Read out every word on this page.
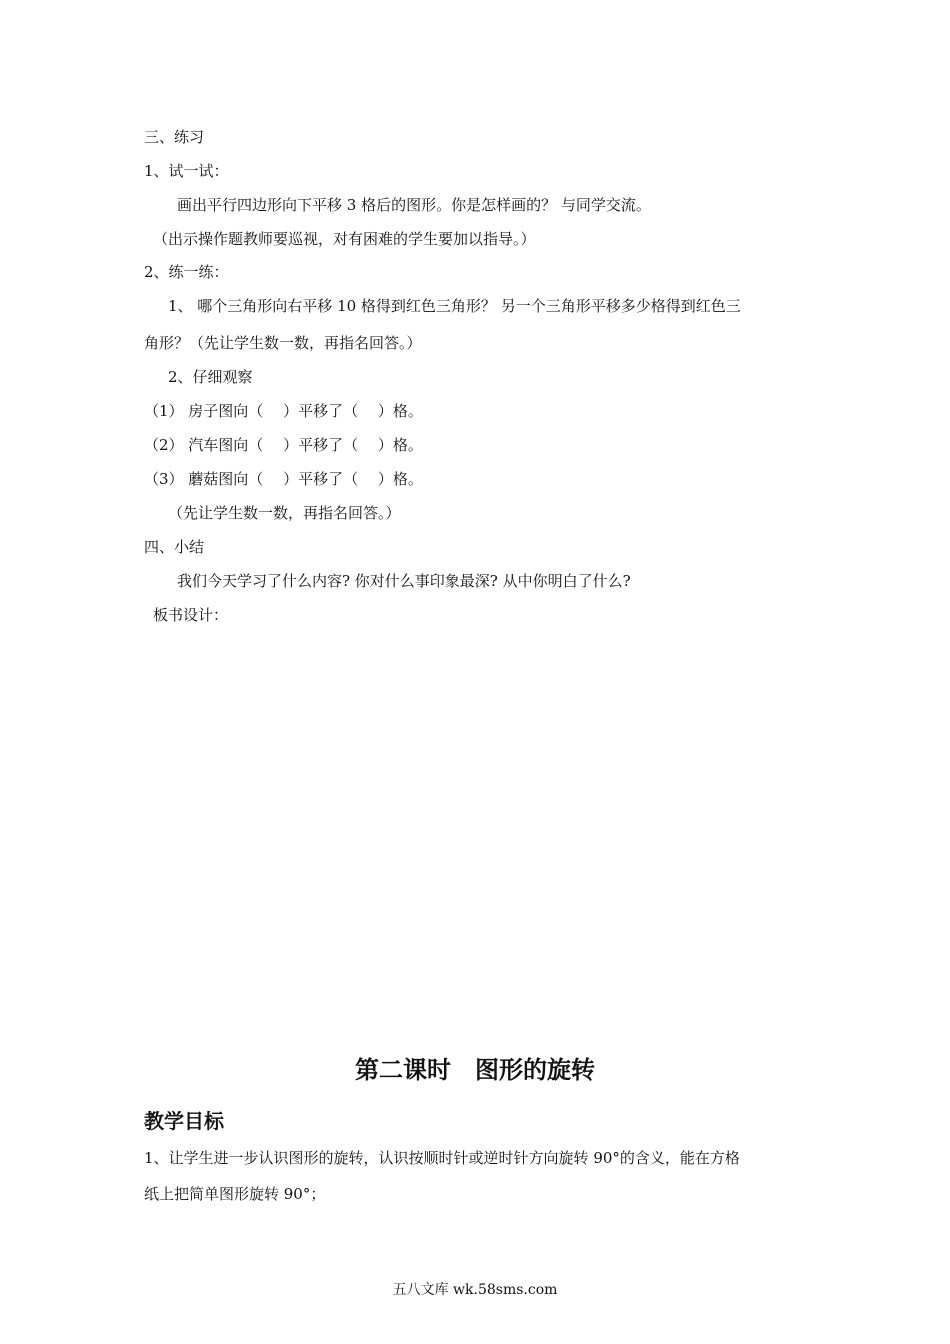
三、练习
1、试一试：
画出平行四边形向下平移 3 格后的图形。你是怎样画的？ 与同学交流。
（出示操作题教师要巡视，对有困难的学生要加以指导。）
2、练一练：
1、 哪个三角形向右平移 10 格得到红色三角形？ 另一个三角形平移多少格得到红色三
角形？（先让学生数一数，再指名回答。）
2、仔细观察
（1） 房子图向（　 ）平移了（　 ）格。
（2） 汽车图向（　 ）平移了（　 ）格。
（3） 蘑菇图向（　 ）平移了（　 ）格。
（先让学生数一数，再指名回答。）
四、小结
我们今天学习了什么内容? 你对什么事印象最深? 从中你明白了什么?
板书设计：
第二课时　图形的旋转
教学目标
1、让学生进一步认识图形的旋转，认识按顺时针或逆时针方向旋转 90°的含义，能在方格
纸上把简单图形旋转 90°；
五八文库 wk.58sms.com
